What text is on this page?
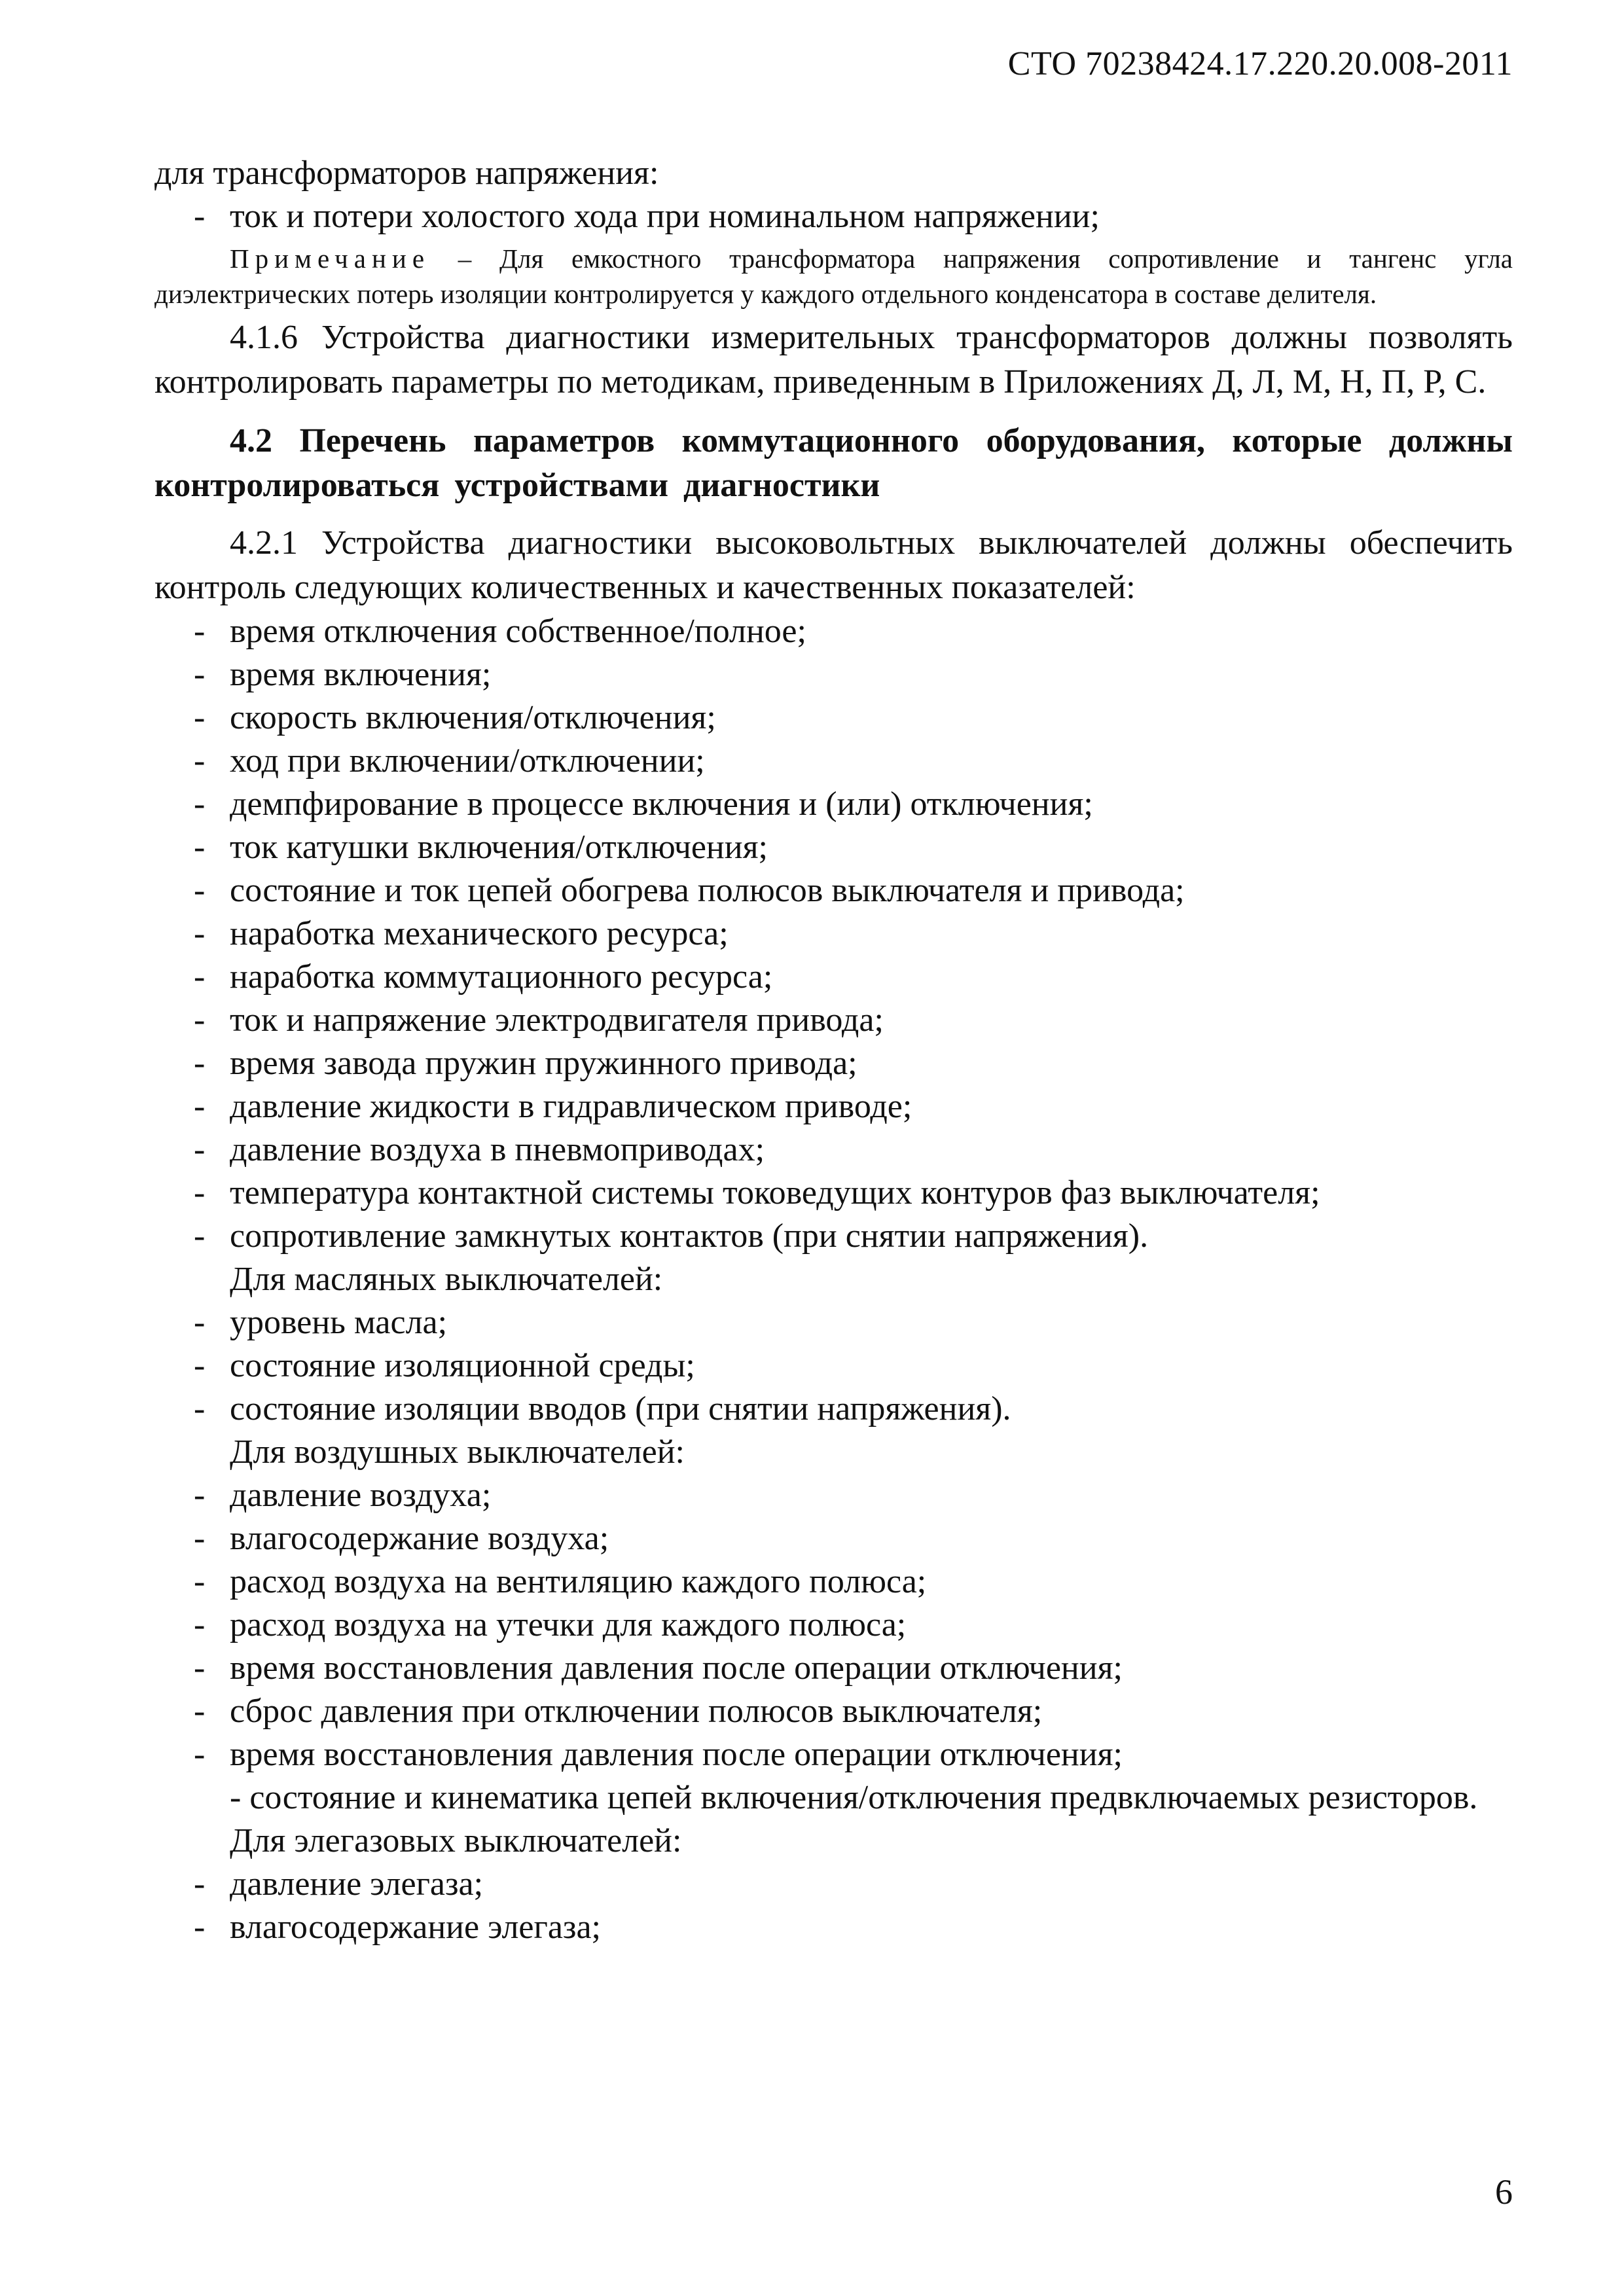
СТО 70238424.17.220.20.008-2011

для трансформаторов напряжения:

- ток и потери холостого хода при номинальном напряжении;

Примечание – Для емкостного трансформатора напряжения сопротивление и тангенс угла диэлектрических потерь изоляции контролируется у каждого отдельного конденсатора в составе делителя.

4.1.6 Устройства диагностики измерительных трансформаторов должны позволять контролировать параметры по методикам, приведенным в Приложениях Д, Л, М, Н, П, Р, С.

4.2 Перечень параметров коммутационного оборудования, которые должны контролироваться устройствами диагностики

4.2.1 Устройства диагностики высоковольтных выключателей должны обеспечить контроль следующих количественных и качественных показателей:

- время отключения собственное/полное;
- время включения;
- скорость включения/отключения;
- ход при включении/отключении;
- демпфирование в процессе включения и (или) отключения;
- ток катушки включения/отключения;
- состояние и ток цепей обогрева полюсов выключателя и привода;
- наработка механического ресурса;
- наработка коммутационного ресурса;
- ток и напряжение электродвигателя привода;
- время завода пружин пружинного привода;
- давление жидкости в гидравлическом приводе;
- давление воздуха в пневмоприводах;
- температура контактной системы токоведущих контуров фаз выключателя;
- сопротивление замкнутых контактов (при снятии напряжения).

Для масляных выключателей:

- уровень масла;
- состояние изоляционной среды;
- состояние изоляции вводов (при снятии напряжения).

Для воздушных выключателей:

- давление воздуха;
- влагосодержание воздуха;
- расход воздуха на вентиляцию каждого полюса;
- расход воздуха на утечки для каждого полюса;
- время восстановления давления после операции отключения;
- сброс давления при отключении полюсов выключателя;
- время восстановления давления после операции отключения;

- состояние и кинематика цепей включения/отключения предвключаемых резисторов.

Для элегазовых выключателей:

- давление элегаза;
- влагосодержание элегаза;
6
